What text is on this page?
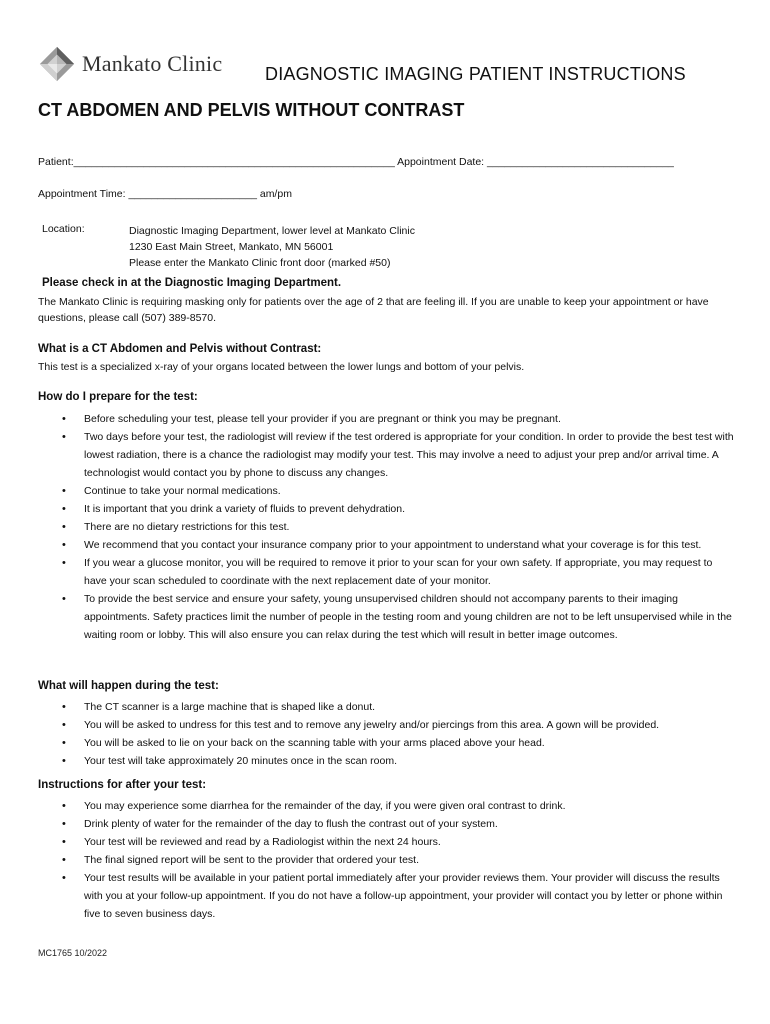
Mankato Clinic DIAGNOSTIC IMAGING PATIENT INSTRUCTIONS
CT ABDOMEN AND PELVIS WITHOUT CONTRAST
Patient:_______________________________________________________ Appointment Date: ________________________________
Appointment Time: ______________________ am/pm
Location:	Diagnostic Imaging Department, lower level at Mankato Clinic
1230 East Main Street, Mankato, MN 56001
Please enter the Mankato Clinic front door (marked #50)
Please check in at the Diagnostic Imaging Department.
The Mankato Clinic is requiring masking only for patients over the age of 2 that are feeling ill. If you are unable to keep your appointment or have questions, please call (507) 389-8570.
What is a CT Abdomen and Pelvis without Contrast:
This test is a specialized x-ray of your organs located between the lower lungs and bottom of your pelvis.
How do I prepare for the test:
• Before scheduling your test, please tell your provider if you are pregnant or think you may be pregnant.
• Two days before your test, the radiologist will review if the test ordered is appropriate for your condition. In order to provide the best test with lowest radiation, there is a chance the radiologist may modify your test. This may involve a need to adjust your prep and/or arrival time. A technologist would contact you by phone to discuss any changes.
• Continue to take your normal medications.
• It is important that you drink a variety of fluids to prevent dehydration.
• There are no dietary restrictions for this test.
• We recommend that you contact your insurance company prior to your appointment to understand what your coverage is for this test.
• If you wear a glucose monitor, you will be required to remove it prior to your scan for your own safety. If appropriate, you may request to have your scan scheduled to coordinate with the next replacement date of your monitor.
• To provide the best service and ensure your safety, young unsupervised children should not accompany parents to their imaging appointments. Safety practices limit the number of people in the testing room and young children are not to be left unsupervised while in the waiting room or lobby. This will also ensure you can relax during the test which will result in better image outcomes.
What will happen during the test:
• The CT scanner is a large machine that is shaped like a donut.
• You will be asked to undress for this test and to remove any jewelry and/or piercings from this area. A gown will be provided.
• You will be asked to lie on your back on the scanning table with your arms placed above your head.
• Your test will take approximately 20 minutes once in the scan room.
Instructions for after your test:
• You may experience some diarrhea for the remainder of the day, if you were given oral contrast to drink.
• Drink plenty of water for the remainder of the day to flush the contrast out of your system.
• Your test will be reviewed and read by a Radiologist within the next 24 hours.
• The final signed report will be sent to the provider that ordered your test.
• Your test results will be available in your patient portal immediately after your provider reviews them. Your provider will discuss the results with you at your follow-up appointment. If you do not have a follow-up appointment, your provider will contact you by letter or phone within five to seven business days.
MC1765 10/2022
